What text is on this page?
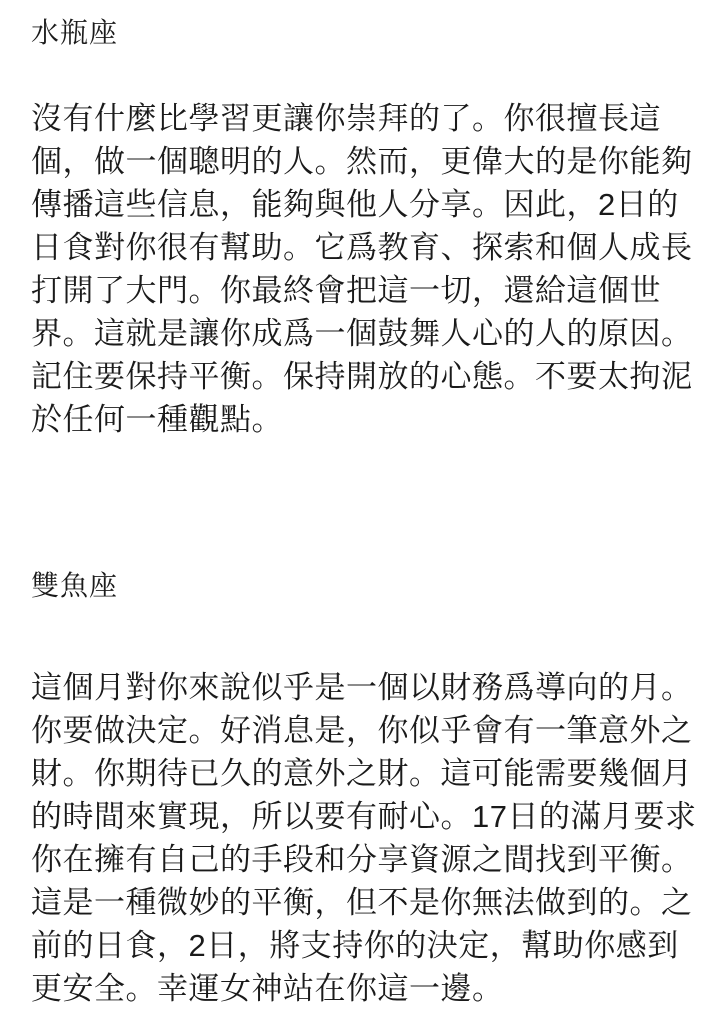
水瓶座
沒有什麼比學習更讓你崇拜的了。你很擅長這
個，做一個聰明的人。然而，更偉大的是你能夠
傳播這些信息，能夠與他人分享。因此，2日的
日食對你很有幫助。它爲教育、探索和個人成長
打開了大門。你最終會把這一切，還給這個世
界。這就是讓你成爲一個鼓舞人心的人的原因。
記住要保持平衡。保持開放的心態。不要太拘泥
於任何一種觀點。
雙魚座
這個月對你來說似乎是一個以財務爲導向的月。
你要做決定。好消息是，你似乎會有一筆意外之
財。你期待已久的意外之財。這可能需要幾個月
的時間來實現，所以要有耐心。17日的滿月要求
你在擁有自己的手段和分享資源之間找到平衡。
這是一種微妙的平衡，但不是你無法做到的。之
前的日食，2日，將支持你的決定，幫助你感到
更安全。幸運女神站在你這一邊。
